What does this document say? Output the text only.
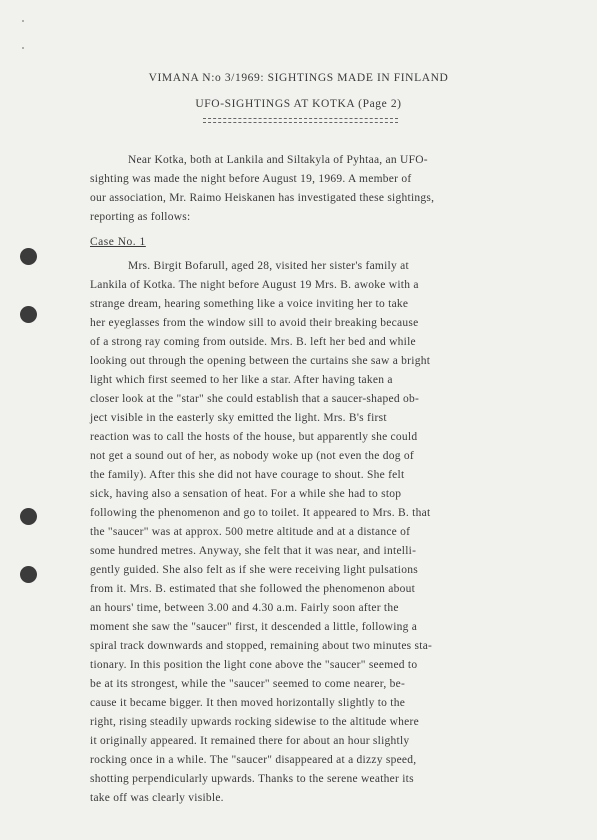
VIMANA N:o 3/1969: SIGHTINGS MADE IN FINLAND
UFO-SIGHTINGS AT KOTKA (Page 2)
Near Kotka, both at Lankila and Siltakyla of Pyhtaa, an UFO-
sighting was made the night before August 19, 1969. A member of
our association, Mr. Raimo Heiskanen has investigated these sightings,
reporting as follows:
Case No. 1
Mrs. Birgit Bofarull, aged 28, visited her sister's family at
Lankila of Kotka. The night before August 19 Mrs. B. awoke with a
strange dream, hearing something like a voice inviting her to take
her eyeglasses from the window sill to avoid their breaking because
of a strong ray coming from outside. Mrs. B. left her bed and while
looking out through the opening between the curtains she saw a bright
light which first seemed to her like a star. After having taken a
closer look at the "star" she could establish that a saucer-shaped ob-
ject visible in the easterly sky emitted the light. Mrs. B's first
reaction was to call the hosts of the house, but apparently she could
not get a sound out of her, as nobody woke up (not even the dog of
the family). After this she did not have courage to shout. She felt
sick, having also a sensation of heat. For a while she had to stop
following the phenomenon and go to toilet. It appeared to Mrs. B. that
the "saucer" was at approx. 500 metre altitude and at a distance of
some hundred metres. Anyway, she felt that it was near, and intelli-
gently guided. She also felt as if she were receiving light pulsations
from it. Mrs. B. estimated that she followed the phenomenon about
an hours' time, between 3.00 and 4.30 a.m. Fairly soon after the
moment she saw the "saucer" first, it descended a little, following a
spiral track downwards and stopped, remaining about two minutes sta-
tionary. In this position the light cone above the "saucer" seemed to
be at its strongest, while the "saucer" seemed to come nearer, be-
cause it became bigger. It then moved horizontally slightly to the
right, rising steadily upwards rocking sidewise to the altitude where
it originally appeared. It remained there for about an hour slightly
rocking once in a while. The "saucer" disappeared at a dizzy speed,
shotting perpendicularly upwards. Thanks to the serene weather its
take off was clearly visible.
